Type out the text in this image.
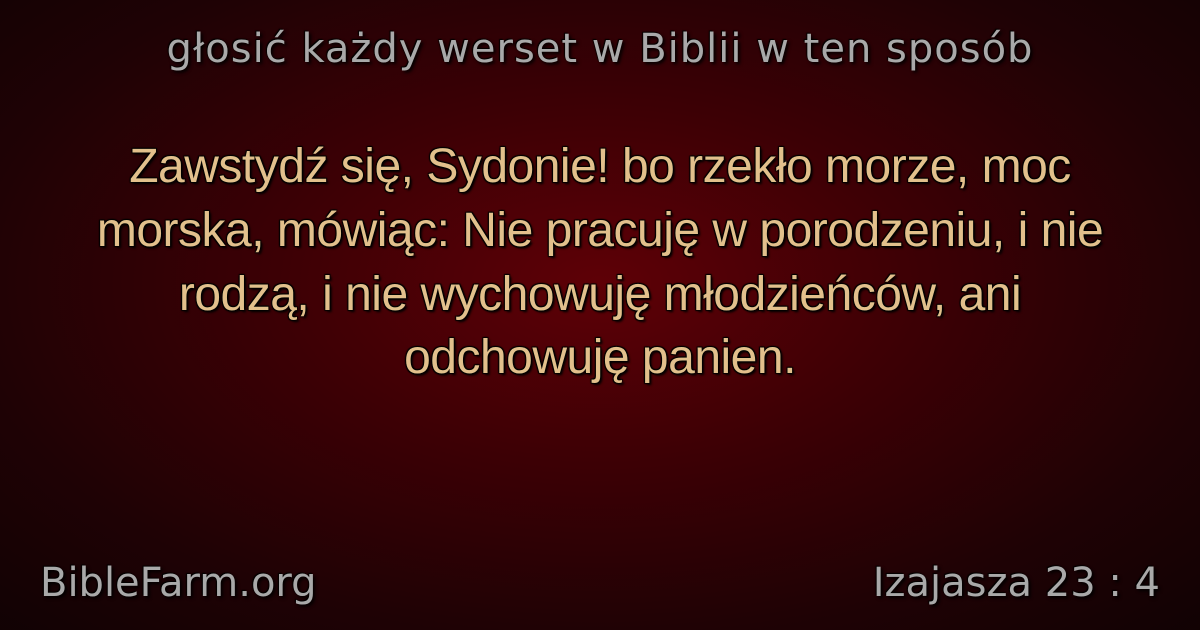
głosić każdy werset w Biblii w ten sposób
Zawstydź się, Sydonie! bo rzekło morze, moc morska, mówiąc: Nie pracuję w porodzeniu, i nie rodzą, i nie wychowuję młodzieńców, ani odchowuję panien.
BibleFarm.org	Izajasza 23 : 4
